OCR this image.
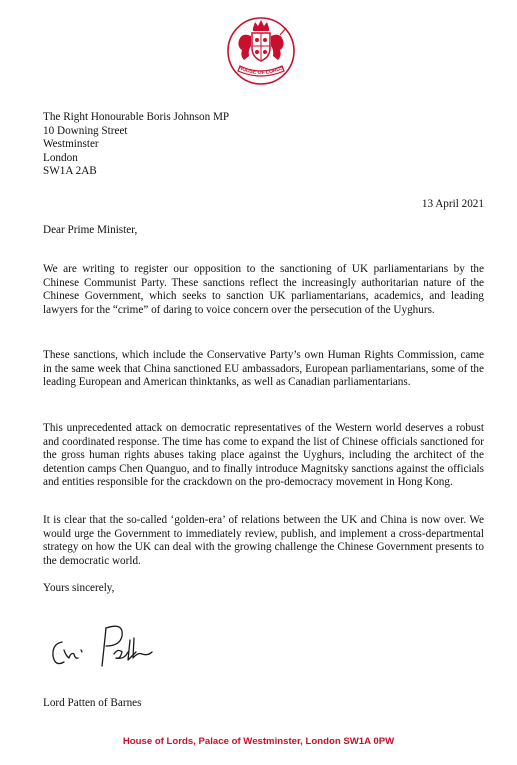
HOUSE OF LORDS
The Right Honourable Boris Johnson MP
10 Downing Street
Westminster
London
SW1A 2AB
13 April 2021
Dear Prime Minister,

We are writing to register our opposition to the sanctioning of UK parliamentarians by the Chinese Communist Party. These sanctions reflect the increasingly authoritarian nature of the Chinese Government, which seeks to sanction UK parliamentarians, academics, and leading lawyers for the “crime” of daring to voice concern over the persecution of the Uyghurs.

These sanctions, which include the Conservative Party’s own Human Rights Commission, came in the same week that China sanctioned EU ambassadors, European parliamentarians, some of the leading European and American thinktanks, as well as Canadian parliamentarians.

This unprecedented attack on democratic representatives of the Western world deserves a robust and coordinated response. The time has come to expand the list of Chinese officials sanctioned for the gross human rights abuses taking place against the Uyghurs, including the architect of the detention camps Chen Quanguo, and to finally introduce Magnitsky sanctions against the officials and entities responsible for the crackdown on the pro-democracy movement in Hong Kong.

It is clear that the so-called ‘golden-era’ of relations between the UK and China is now over. We would urge the Government to immediately review, publish, and implement a cross-departmental strategy on how the UK can deal with the growing challenge the Chinese Government presents to the democratic world.

Yours sincerely,
Lord Patten of Barnes
House of Lords, Palace of Westminster, London SW1A 0PW
